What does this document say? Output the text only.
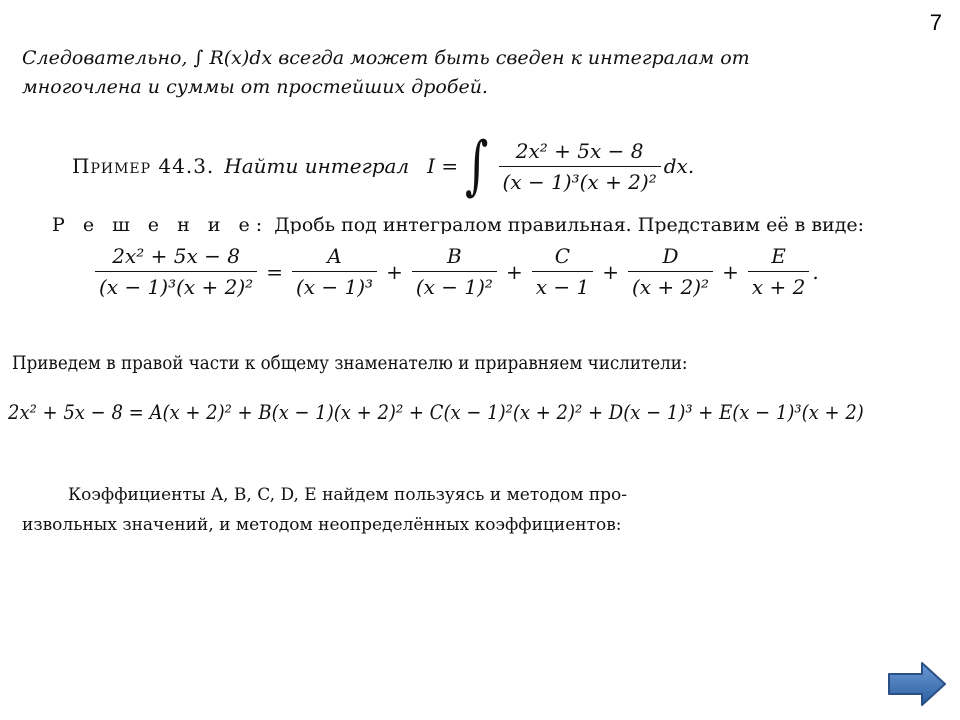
7
Следовательно, ∫ R(x)dx всегда может быть сведен к интегралам от
многочлена и суммы от простейших дробей.
Пример 44.3. Найти интеграл I = ∫ $\frac{\text{2x² + 5x − 8}}{\text{(x − 1)³(x + 2)²}}$ dx.
Р е ш е н и е: Дробь под интегралом правильная. Представим её в виде:
$\frac{\text{2x² + 5x − 8}}{\text{(x − 1)³(x + 2)²}} = \frac{A}{\text{(x − 1)³}} + \frac{B}{\text{(x − 1)²}} + \frac{C}{x - 1} + \frac{D}{\text{(x + 2)²}} + \frac{E}{x + 2}$ .
Приведем в правой части к общему знаменателю и приравняем числители:
2x² + 5x − 8 = A(x + 2)² + B(x − 1)(x + 2)² + C(x − 1)²(x + 2)² + D(x − 1)³ + E(x − 1)³(x + 2)
Коэффициенты A, B, C, D, E найдем пользуясь и методом про-
извольных значений, и методом неопределённых коэффициентов:
